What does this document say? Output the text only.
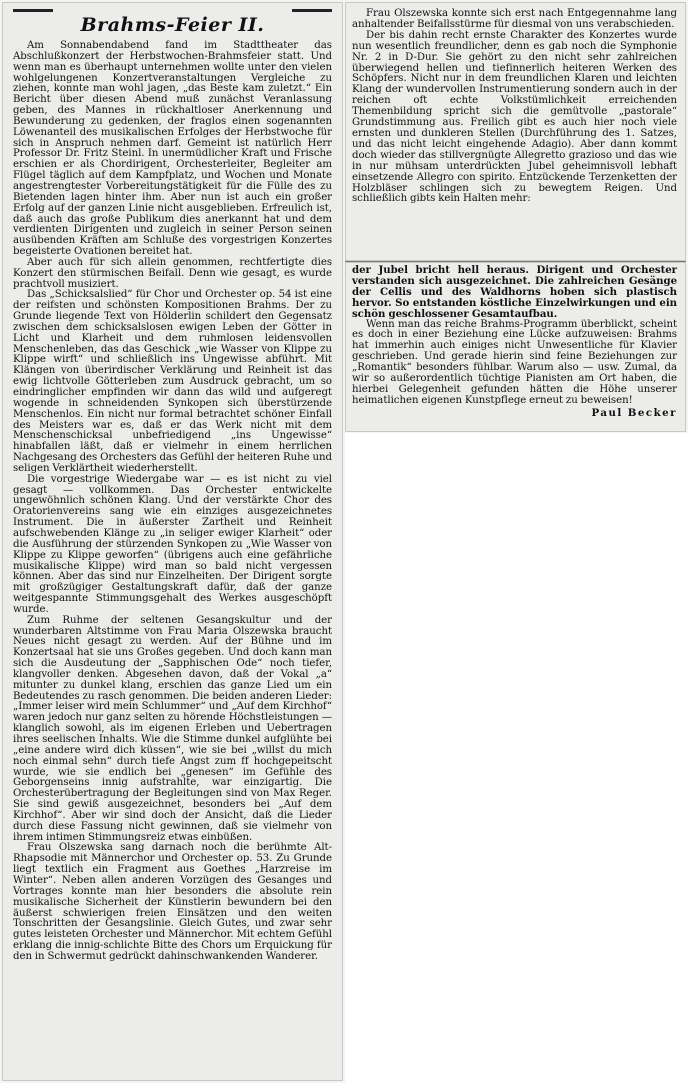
Brahms-Feier II.

Am Sonnabendabend fand im Stadttheater das Abschlußkonzert der Herbstwochen-Brahmsfeier statt. Und wenn man es überhaupt unternehmen wollte unter den vielen wohlgelungenen Konzertveranstaltungen Vergleiche zu ziehen, konnte man wohl jagen, „das Beste kam zuletzt.“ Ein Bericht über diesen Abend muß zunächst Veranlassung geben, des Mannes in rückhaltloser Anerkennung und Bewunderung zu gedenken, der fraglos einen sogenannten Löwenanteil des musikalischen Erfolges der Herbstwoche für sich in Anspruch nehmen darf. Gemeint ist natürlich Herr Professor Dr. Fritz Steinl. In unermüdlicher Kraft und Frische erschien er als Chordirigent, Orchesterleiter, Begleiter am Flügel täglich auf dem Kampfplatz, und Wochen und Monate angestrengtester Vorbereitungstätigkeit für die Fülle des zu Bietenden lagen hinter ihm. Aber nun ist auch ein großer Erfolg auf der ganzen Linie nicht ausgeblieben. Erfreulich ist, daß auch das große Publikum dies anerkannt hat und dem verdienten Dirigenten und zugleich in seiner Person seinen ausübenden Kräften am Schluße des vorgestrigen Konzertes begeisterte Ovationen bereitet hat.

Aber auch für sich allein genommen, rechtfertigte dies Konzert den stürmischen Beifall. Denn wie gesagt, es wurde prachtvoll musiziert.

Das „Schicksalslied“ für Chor und Orchester op. 54 ist eine der reifsten und schönsten Kompositionen Brahms. Der zu Grunde liegende Text von Hölderlin schildert den Gegensatz zwischen dem schicksalslosen ewigen Leben der Götter in Licht und Klarheit und dem ruhmlosen leidensvollen Menschenleben, das das Geschick „wie Wasser von Klippe zu Klippe wirft“ und schließlich ins Ungewisse abführt. Mit Klängen von überirdischer Verklärung und Reinheit ist das ewig lichtvolle Götterleben zum Ausdruck gebracht, um so eindringlicher empfinden wir dann das wild und aufgeregt wogende in schneidenden Synkopen sich überstürzende Menschenlos. Ein nicht nur formal betrachtet schöner Einfall des Meisters war es, daß er das Werk nicht mit dem Menschenschicksal unbefriedigend „ins Ungewisse“ hinabfallen läßt, daß er vielmehr in einem herrlichen Nachgesang des Orchesters das Gefühl der heiteren Ruhe und seligen Verklärtheit wiederherstellt.

Die vorgestrige Wiedergabe war — es ist nicht zu viel gesagt — vollkommen. Das Orchester entwickelte ungewöhnlich schönen Klang. Und der verstärkte Chor des Oratorienvereins sang wie ein einziges ausgezeichnetes Instrument. Die in äußerster Zartheit und Reinheit aufschwebenden Klänge zu „in seliger ewiger Klarheit“ oder die Ausführung der stürzenden Synkopen zu „Wie Wasser von Klippe zu Klippe geworfen“ (übrigens auch eine gefährliche musikalische Klippe) wird man so bald nicht vergessen können. Aber das sind nur Einzelheiten. Der Dirigent sorgte mit großzügiger Gestaltungskraft dafür, daß der ganze weitgespannte Stimmungsgehalt des Werkes ausgeschöpft wurde.

Zum Ruhme der seltenen Gesangskultur und der wunderbaren Altstimme von Frau Maria Olszewska braucht Neues nicht gesagt zu werden. Auf der Bühne und im Konzertsaal hat sie uns Großes gegeben. Und doch kann man sich die Ausdeutung der „Sapphischen Ode“ noch tiefer, klangvoller denken. Abgesehen davon, daß der Vokal „a“ mitunter zu dunkel klang, erschien das ganze Lied um ein Bedeutendes zu rasch genommen. Die beiden anderen Lieder: „Immer leiser wird mein Schlummer“ und „Auf dem Kirchhof“ waren jedoch nur ganz selten zu hörende Höchstleistungen — klanglich sowohl, als im eigenen Erleben und Uebertragen ihres seelischen Inhalts. Wie die Stimme dunkel aufglühte bei „eine andere wird dich küssen“, wie sie bei „willst du mich noch einmal sehn“ durch tiefe Angst zum ff hochgepeitscht wurde, wie sie endlich bei „genesen“ im Gefühle des Geborgenseins innig aufstrahlte, war einzigartig. Die Orchesterübertragung der Begleitungen sind von Max Reger. Sie sind gewiß ausgezeichnet, besonders bei „Auf dem Kirchhof“. Aber wir sind doch der Ansicht, daß die Lieder durch diese Fassung nicht gewinnen, daß sie vielmehr von ihrem intimen Stimmungsreiz etwas einbüßen.

Frau Olszewska sang darnach noch die berühmte Alt-Rhapsodie mit Männerchor und Orchester op. 53. Zu Grunde liegt textlich ein Fragment aus Goethes „Harzreise im Winter“. Neben allen anderen Vorzügen des Gesanges und Vortrages konnte man hier besonders die absolute rein musikalische Sicherheit der Künstlerin bewundern bei den äußerst schwierigen freien Einsätzen und den weiten Tonschritten der Gesangslinie. Gleich Gutes, und zwar sehr gutes leisteten Orchester und Männerchor. Mit echtem Gefühl erklang die innig-schlichte Bitte des Chors um Erquickung für den in Schwermut gedrückt dahinschwankenden Wanderer.

Frau Olszewska konnte sich erst nach Entgegennahme lang anhaltender Beifallsstürme für diesmal von uns verabschieden.

Der bis dahin recht ernste Charakter des Konzertes wurde nun wesentlich freundlicher, denn es gab noch die Symphonie Nr. 2 in D-Dur. Sie gehört zu den nicht sehr zahlreichen überwiegend hellen und tiefinnerlich heiteren Werken des Schöpfers. Nicht nur in dem freundlichen Klaren und leichten Klang der wundervollen Instrumentierung sondern auch in der reichen oft echte Volkstümlichkeit erreichenden Themenbildung spricht sich die gemütvolle „pastorale“ Grundstimmung aus. Freilich gibt es auch hier noch viele ernsten und dunkleren Stellen (Durchführung des 1. Satzes, und das nicht leicht eingehende Adagio). Aber dann kommt doch wieder das stillvergnügte Allegretto grazioso und das wie in nur mühsam unterdrückten Jubel geheimnisvoll lebhaft einsetzende Allegro con spirito. Entzückende Terzenketten der Holzbläser schlingen sich zu bewegtem Reigen. Und schließlich gibts kein Halten mehr:

der Jubel bricht hell heraus. Dirigent und Orchester verstanden sich ausgezeichnet. Die zahlreichen Gesänge der Cellis und des Waldhorns hoben sich plastisch hervor. So entstanden köstliche Einzelwirkungen und ein schön geschlossener Gesamtaufbau.

Wenn man das reiche Brahms-Programm überblickt, scheint es doch in einer Beziehung eine Lücke aufzuweisen: Brahms hat immerhin auch einiges nicht Unwesentliche für Klavier geschrieben. Und gerade hierin sind feine Beziehungen zur „Romantik“ besonders fühlbar. Warum also — usw. Zumal, da wir so außerordentlich tüchtige Pianisten am Ort haben, die hierbei Gelegenheit gefunden hätten die Höhe unserer heimatlichen eigenen Kunstpflege erneut zu beweisen!

Paul Becker
